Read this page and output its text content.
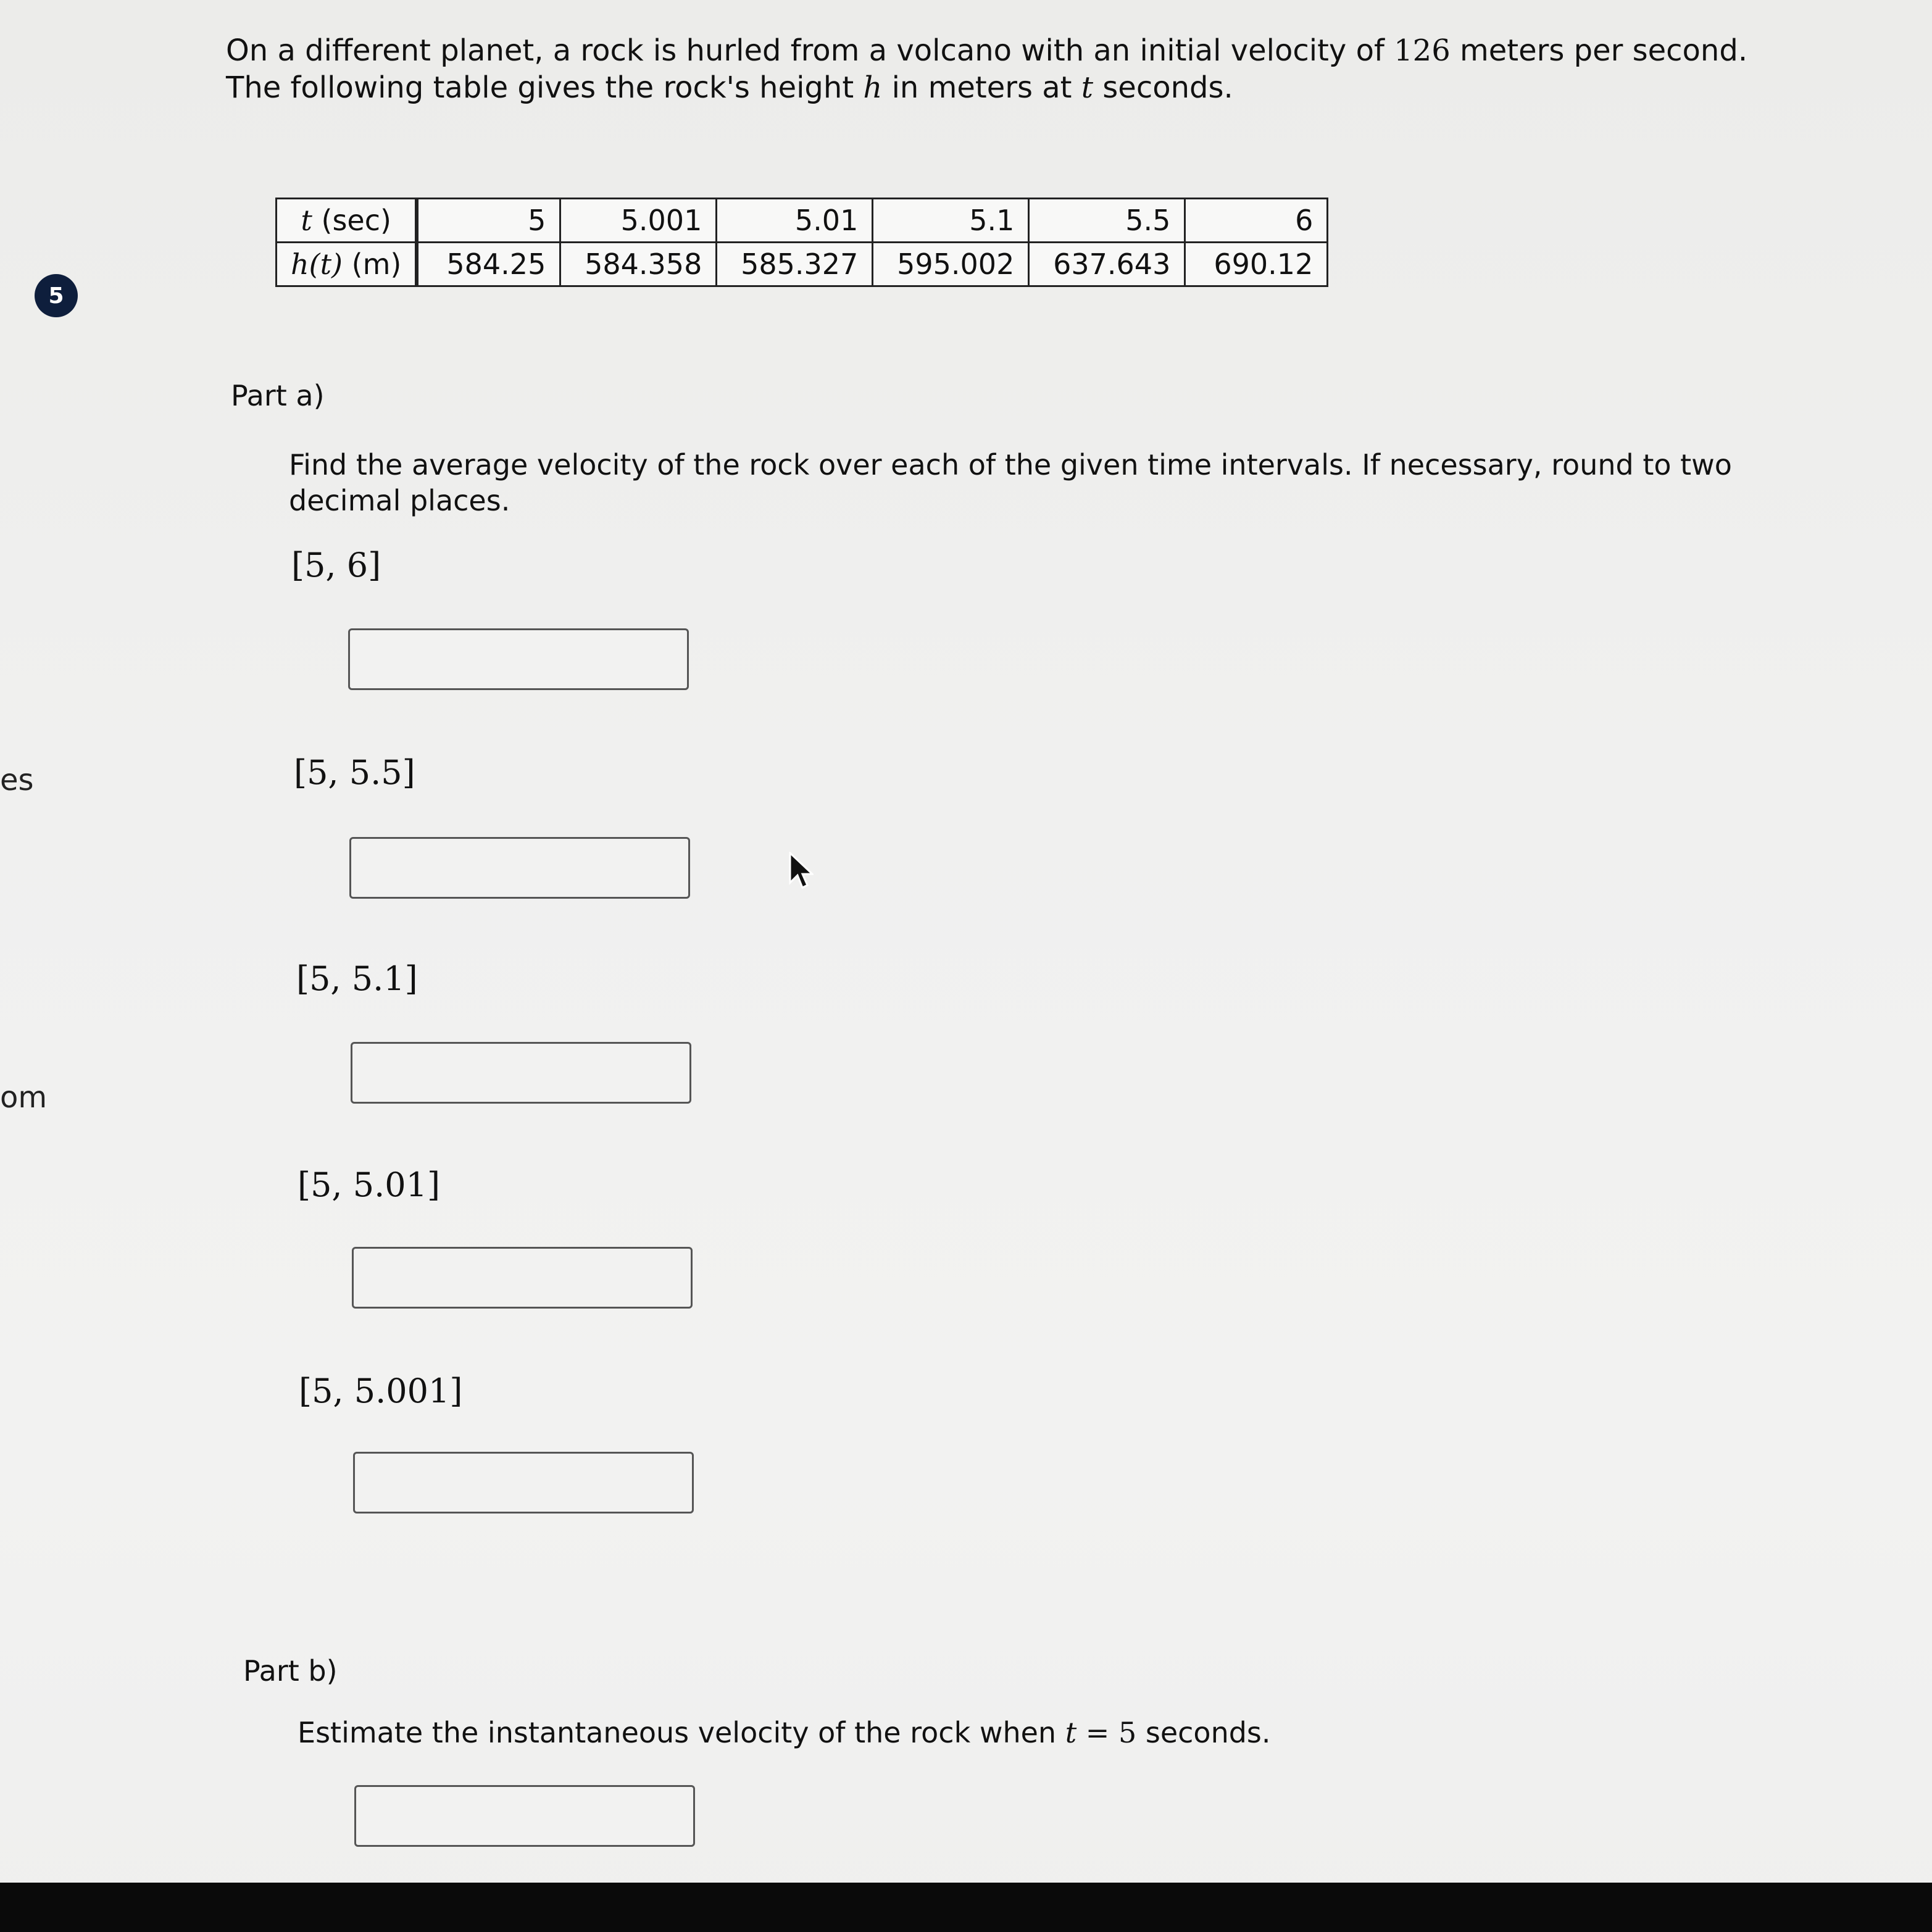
5
es
om
On a different planet, a rock is hurled from a volcano with an initial velocity of 126 meters per second. The following table gives the rock's height h in meters at t seconds.
t (sec)	5	5.001	5.01	5.1	5.5	6
h(t) (m)	584.25	584.358	585.327	595.002	637.643	690.12
Part a)
Find the average velocity of the rock over each of the given time intervals. If necessary, round to two decimal places.
[5, 6]
[5, 5.5]
[5, 5.1]
[5, 5.01]
[5, 5.001]
Part b)
Estimate the instantaneous velocity of the rock when t = 5 seconds.
